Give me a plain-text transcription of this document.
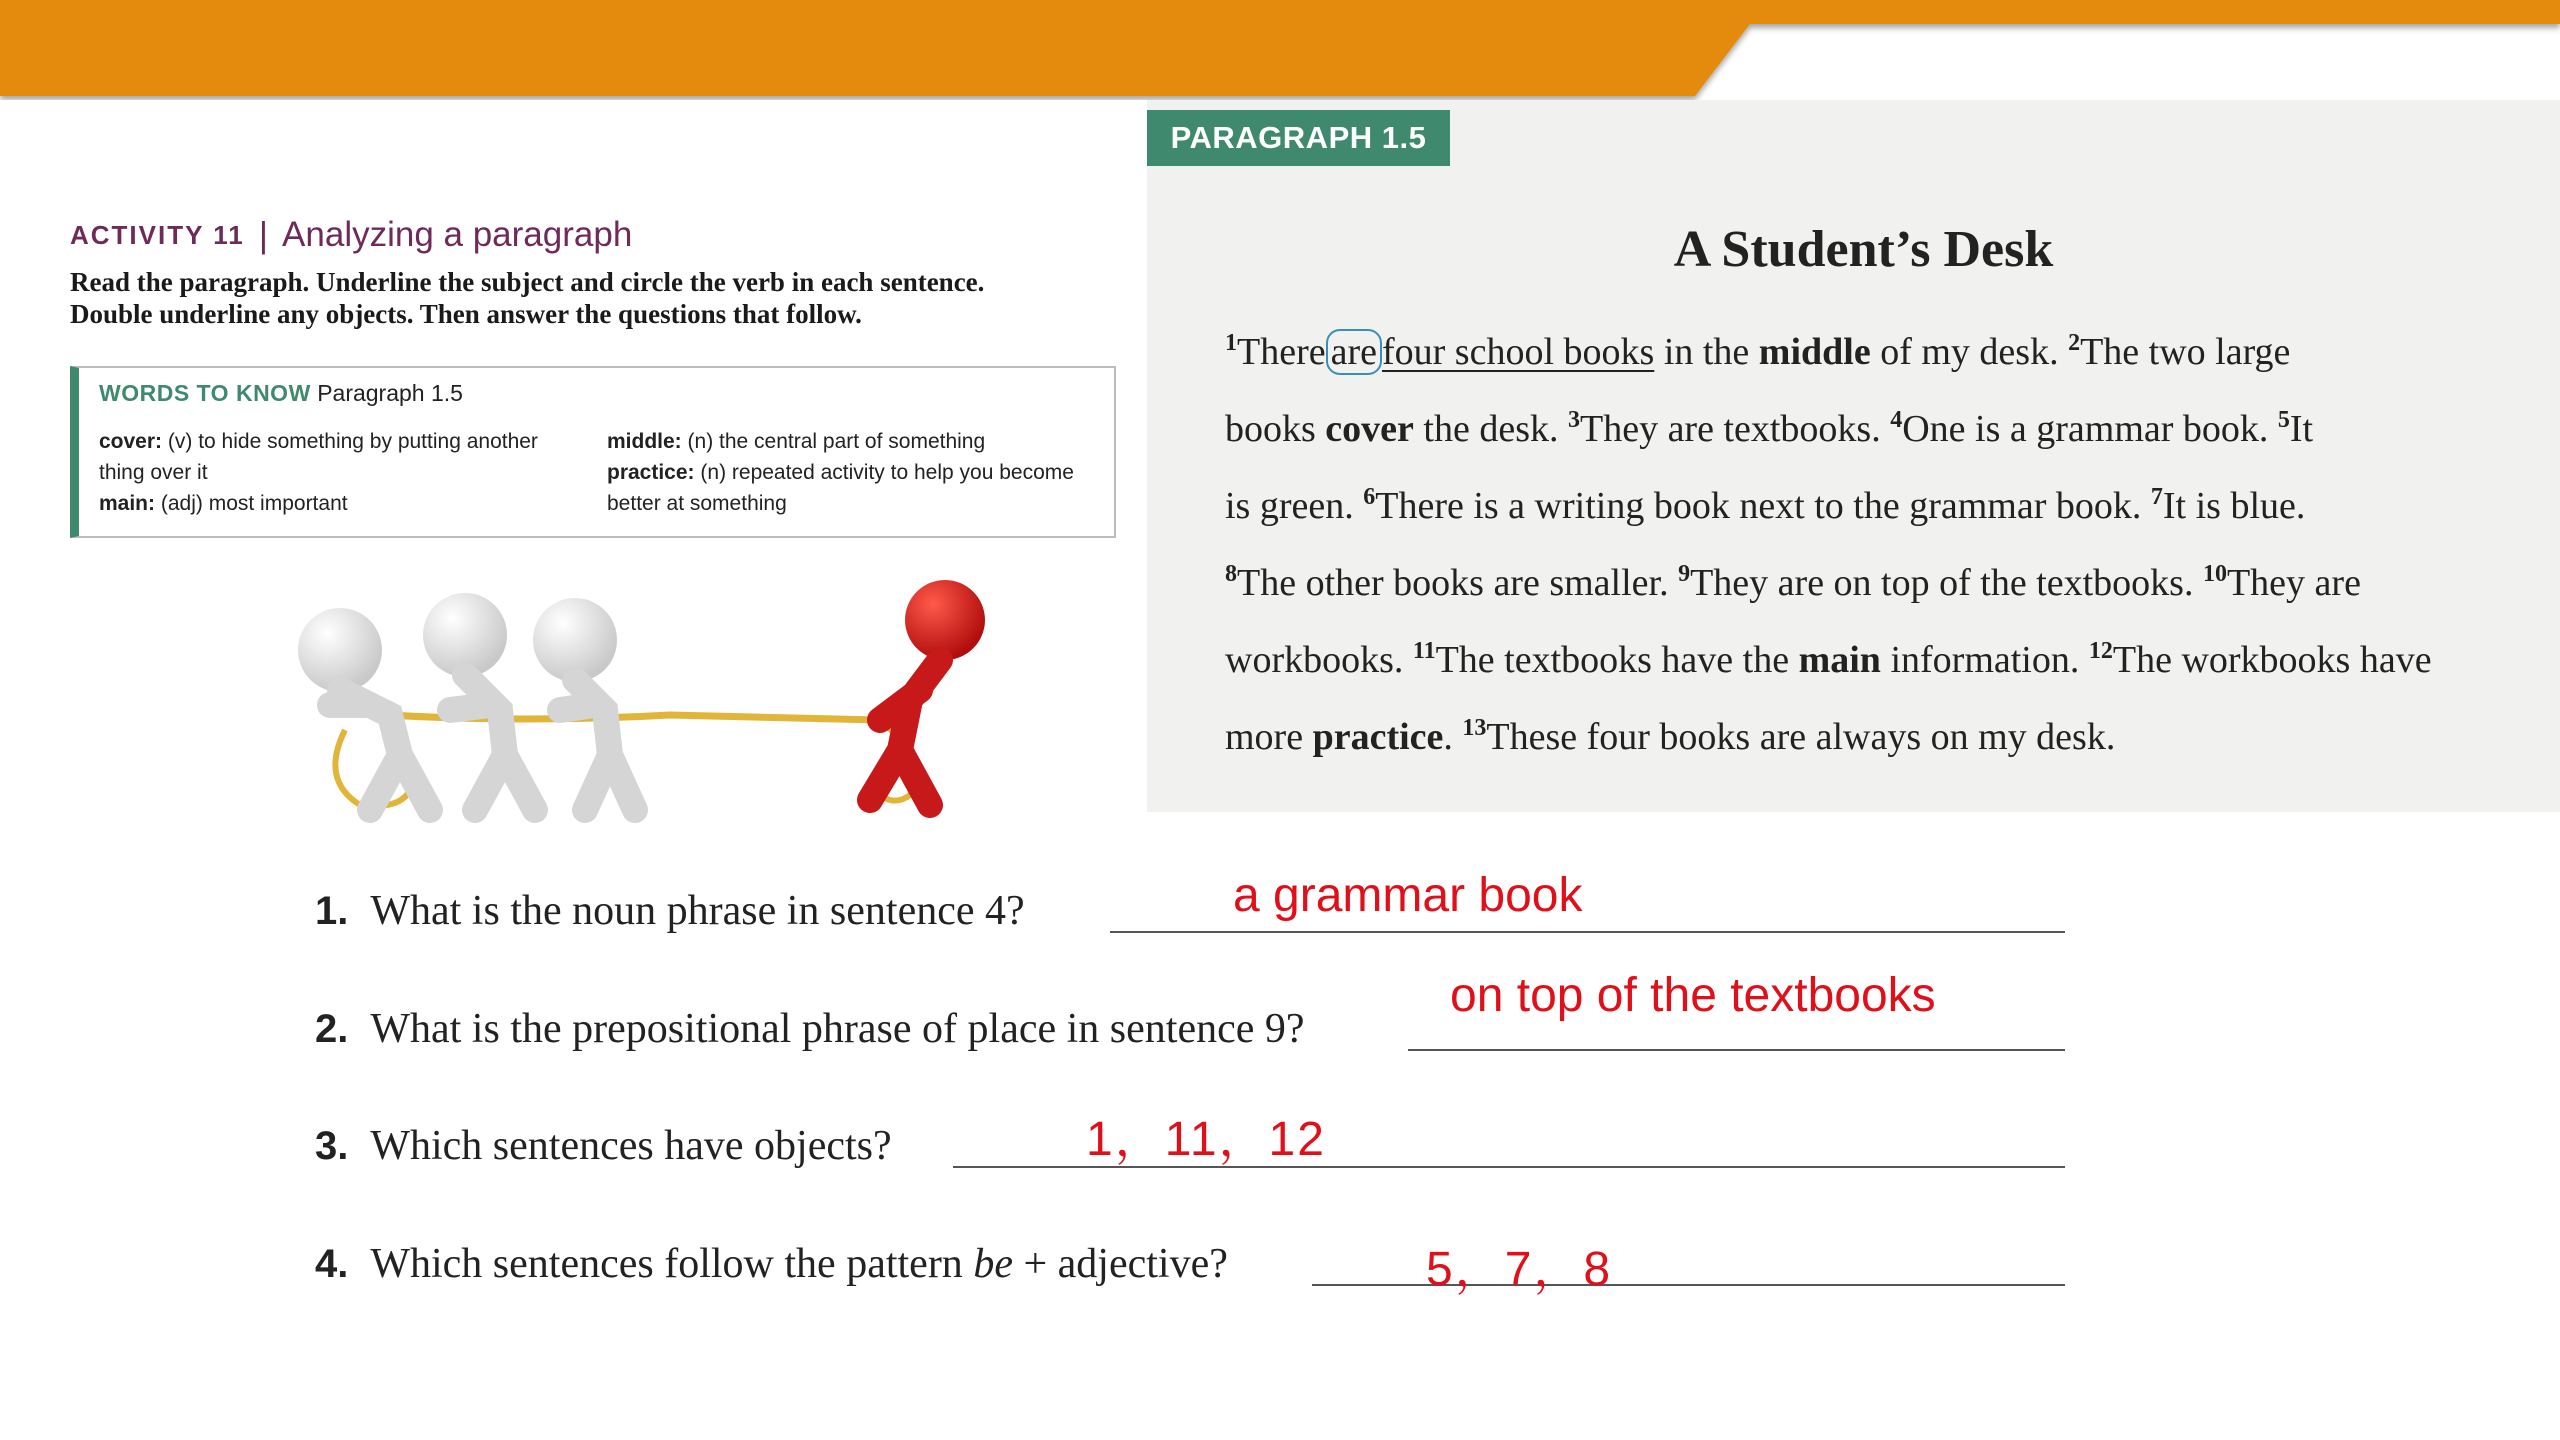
ACTIVITY 11 | Analyzing a paragraph
Read the paragraph. Underline the subject and circle the verb in each sentence. Double underline any objects. Then answer the questions that follow.
WORDS TO KNOW Paragraph 1.5
cover: (v) to hide something by putting another thing over it
main: (adj) most important
middle: (n) the central part of something
practice: (n) repeated activity to help you become better at something
PARAGRAPH 1.5
A Student’s Desk
$^1$There are four school books in the middle of my desk. $^2$The two large
books cover the desk. $^3$They are textbooks. $^4$One is a grammar book. $^5$It
is green. $^6$There is a writing book next to the grammar book. $^7$It is blue.
$^8$The other books are smaller. $^9$They are on top of the textbooks. $^{10}$They are
workbooks. $^{11}$The textbooks have the main information. $^{12}$The workbooks have
more practice. $^{13}$These four books are always on my desk.
1. What is the noun phrase in sentence 4?	a grammar book
2. What is the prepositional phrase of place in sentence 9?
on top of the textbooks
3. Which sentences have objects?	1，11，12
4. Which sentences follow the pattern be + adjective?	5，7，8
